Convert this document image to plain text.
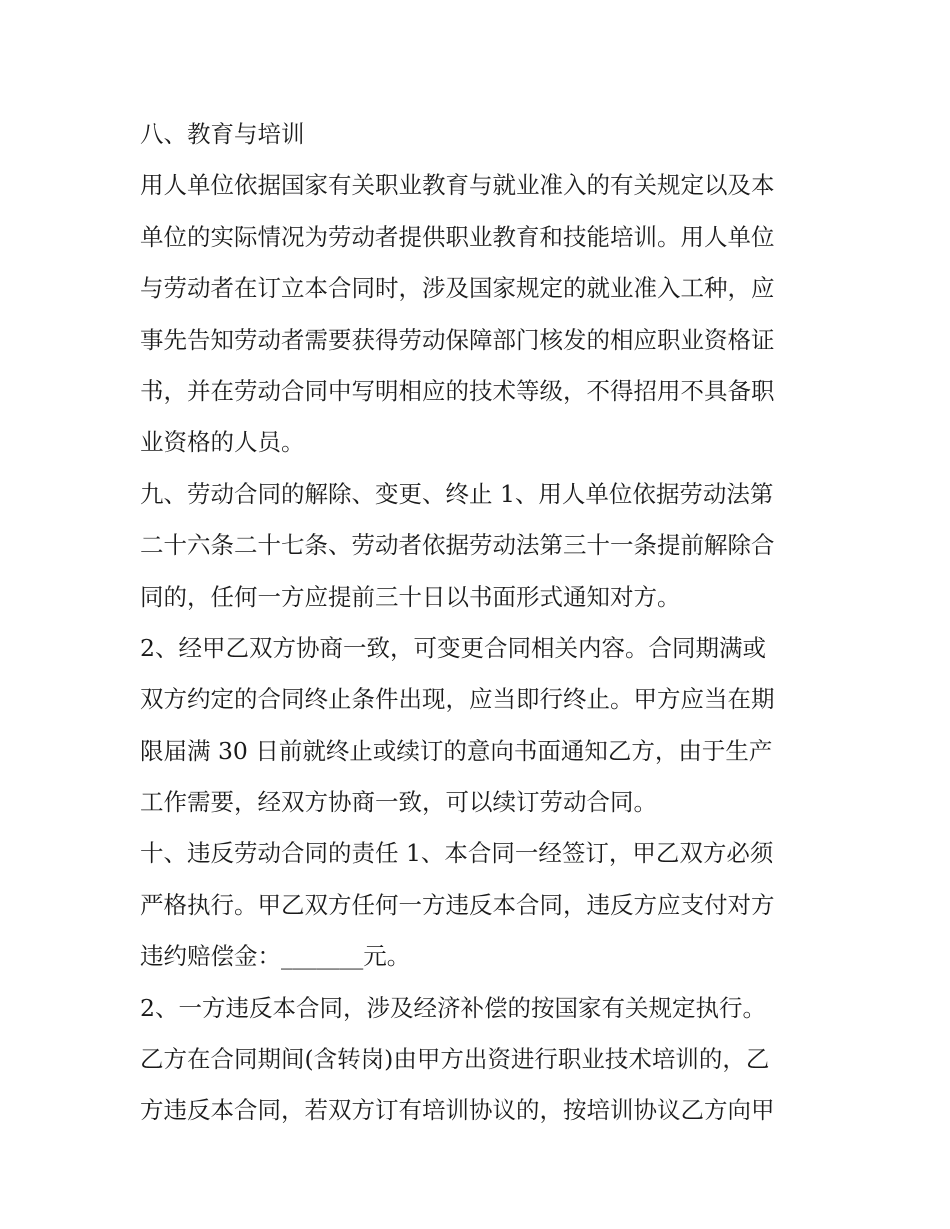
八、教育与培训
用人单位依据国家有关职业教育与就业准入的有关规定以及本
单位的实际情况为劳动者提供职业教育和技能培训。用人单位
与劳动者在订立本合同时，涉及国家规定的就业准入工种，应
事先告知劳动者需要获得劳动保障部门核发的相应职业资格证
书，并在劳动合同中写明相应的技术等级，不得招用不具备职
业资格的人员。
九、劳动合同的解除、变更、终止 1、用人单位依据劳动法第
二十六条二十七条、劳动者依据劳动法第三十一条提前解除合
同的，任何一方应提前三十日以书面形式通知对方。
2、经甲乙双方协商一致，可变更合同相关内容。合同期满或
双方约定的合同终止条件出现，应当即行终止。甲方应当在期
限届满 30 日前就终止或续订的意向书面通知乙方，由于生产
工作需要，经双方协商一致，可以续订劳动合同。
十、违反劳动合同的责任 1、本合同一经签订，甲乙双方必须
严格执行。甲乙双方任何一方违反本合同，违反方应支付对方
违约赔偿金：_______元。
2、一方违反本合同，涉及经济补偿的按国家有关规定执行。
乙方在合同期间(含转岗)由甲方出资进行职业技术培训的，乙
方违反本合同，若双方订有培训协议的，按培训协议乙方向甲
